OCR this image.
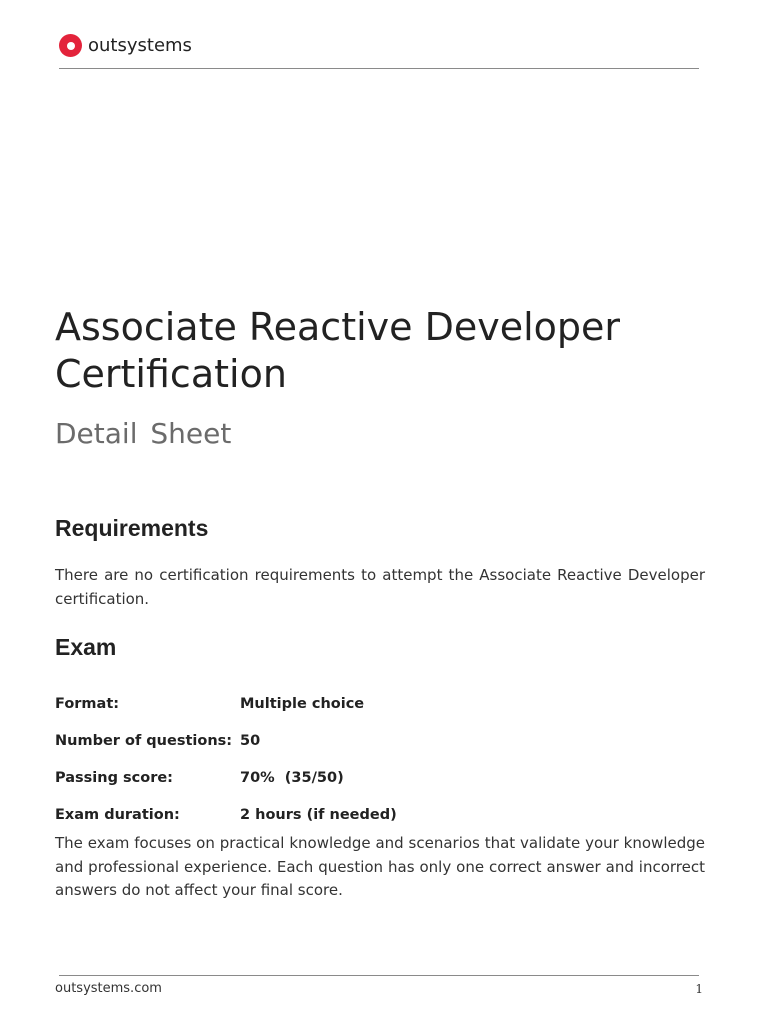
outsystems
Associate Reactive Developer Certification
Detail Sheet
Requirements

There are no certification requirements to attempt the Associate Reactive Developer certification.

Exam
Format:	Multiple choice
Number of questions: 50
Passing score:	70%  (35/50)
Exam duration:	2 hours (if needed)

The exam focuses on practical knowledge and scenarios that validate your knowledge and professional experience. Each question has only one correct answer and incorrect answers do not affect your final score.

outsystems.com	1
